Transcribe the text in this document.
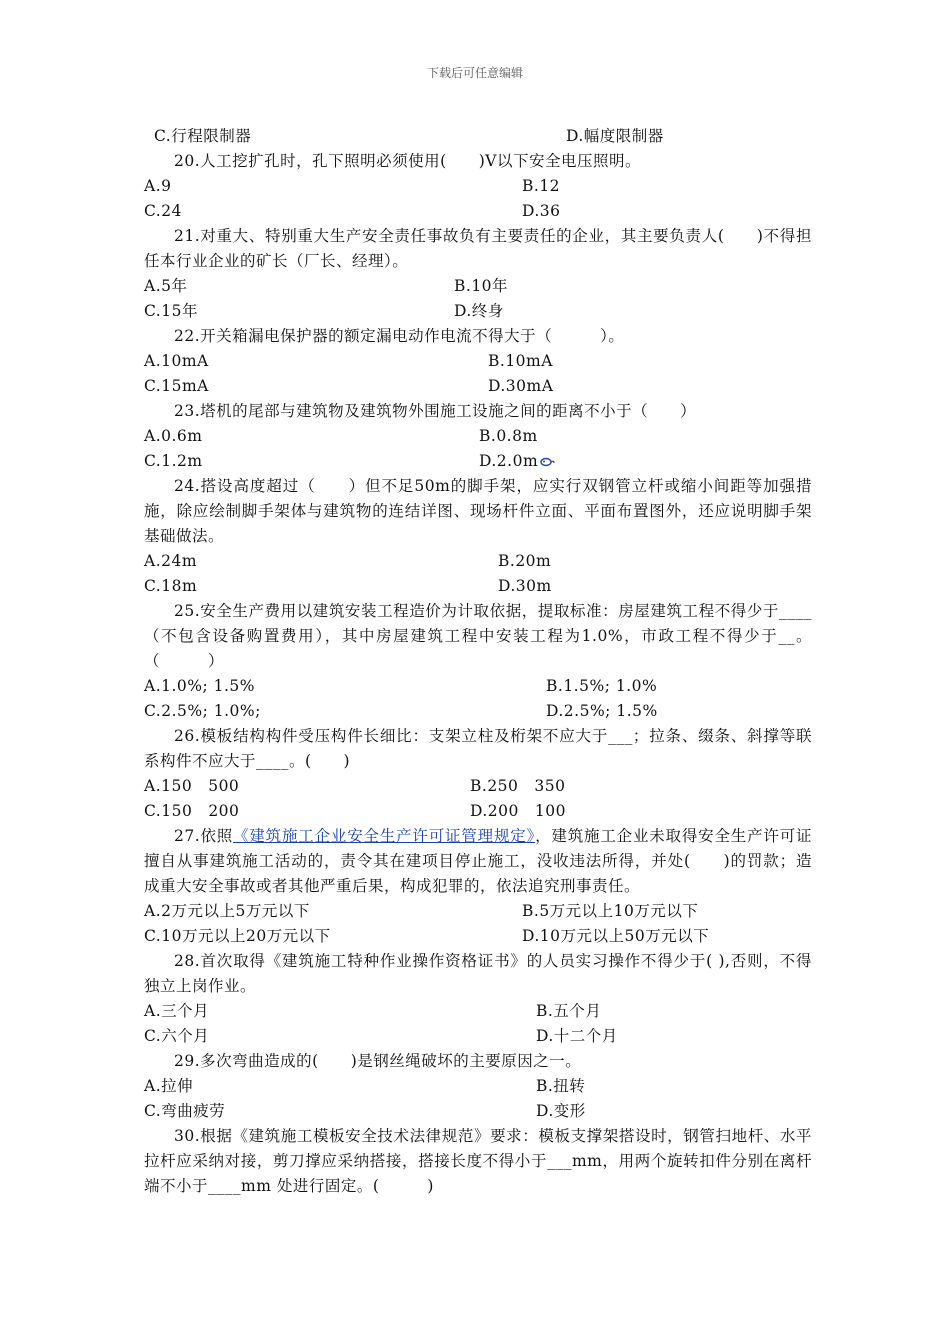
下载后可任意编辑
C.行程限制器	D.幅度限制器
20.人工挖扩孔时，孔下照明必须使用(　　)V以下安全电压照明。
A.9	B.12
C.24	D.36
21.对重大、特别重大生产安全责任事故负有主要责任的企业，其主要负责人(　　)不得担任本行业企业的矿长（厂长、经理）。
A.5年	B.10年
C.15年	D.终身
22.开关箱漏电保护器的额定漏电动作电流不得大于（　　　）。
A.10mA	B.10mA
C.15mA	D.30mA
23.塔机的尾部与建筑物及建筑物外围施工设施之间的距离不小于（　　）
A.0.6m	B.0.8m
C.1.2m	D.2.0m
24.搭设高度超过（　　）但不足50m的脚手架，应实行双钢管立杆或缩小间距等加强措施，除应绘制脚手架体与建筑物的连结详图、现场杆件立面、平面布置图外，还应说明脚手架基础做法。
A.24m	B.20m
C.18m	D.30m
25.安全生产费用以建筑安装工程造价为计取依据，提取标准：房屋建筑工程不得少于____（不包含设备购置费用），其中房屋建筑工程中安装工程为1.0%，市政工程不得少于__。（　　　）
A.1.0%; 1.5%	B.1.5%; 1.0%
C.2.5%; 1.0%;	D.2.5%; 1.5%
26.模板结构构件受压构件长细比：支架立柱及桁架不应大于___；拉条、缀条、斜撑等联系构件不应大于____。(　　)
A.150　500	B.250　350
C.150　200	D.200　100
27.依照《建筑施工企业安全生产许可证管理规定》，建筑施工企业未取得安全生产许可证擅自从事建筑施工活动的，责令其在建项目停止施工，没收违法所得，并处(　　)的罚款；造成重大安全事故或者其他严重后果，构成犯罪的，依法追究刑事责任。
A.2万元以上5万元以下	B.5万元以上10万元以下
C.10万元以上20万元以下	D.10万元以上50万元以下
28.首次取得《建筑施工特种作业操作资格证书》的人员实习操作不得少于( ),否则，不得独立上岗作业。
A.三个月	B.五个月
C.六个月	D.十二个月
29.多次弯曲造成的(　　)是钢丝绳破坏的主要原因之一。
A.拉伸	B.扭转
C.弯曲疲劳	D.变形
30.根据《建筑施工模板安全技术法律规范》要求：模板支撑架搭设时，钢管扫地杆、水平拉杆应采纳对接，剪刀撑应采纳搭接，搭接长度不得小于___mm，用两个旋转扣件分别在离杆端不小于____mm 处进行固定。(　　　)
